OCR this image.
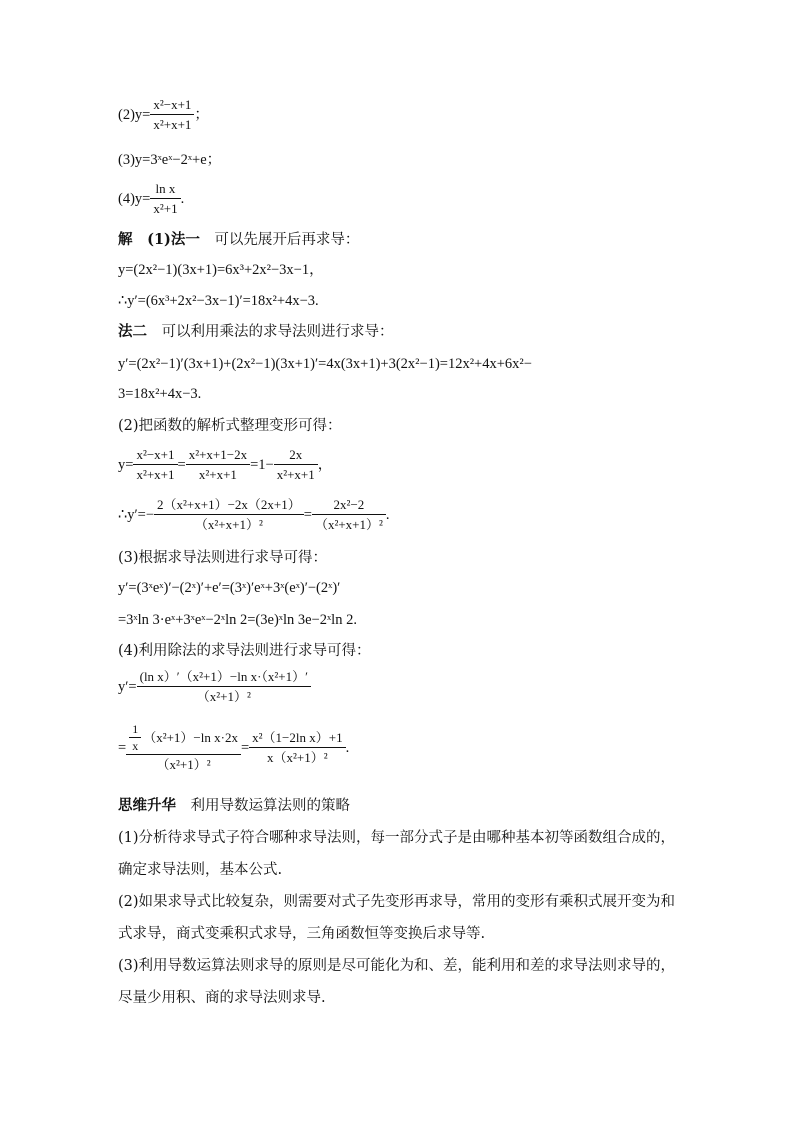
$(2)y= \frac{\text{x²−x+1}}{\text{x²+x+1}}$ ；
(3)y=3ˣeˣ−2ˣ+e；
$(4)y= \frac{\text{ln x}}{\text{x²+1}}$ .
解 (1)法一　可以先展开后再求导：
y=(2x²−1)(3x+1)=6x³+2x²−3x−1，
∴y′=(6x³+2x²−3x−1)′=18x²+4x−3.
法二　可以利用乘法的求导法则进行求导：
y′=(2x²−1)′(3x+1)+(2x²−1)(3x+1)′=4x(3x+1)+3(2x²−1)=12x²+4x+6x²−
3=18x²+4x−3.
(2)把函数的解析式整理变形可得：
$y= \frac{\text{x²−x+1}}{\text{x²+x+1}} = \frac{\text{x²+x+1−2x}}{\text{x²+x+1}} =1- \frac{2x}{\text{x²+x+1}}$ ，
∴y′=− $\frac{\text{2（x²+x+1）−2x（2x+1）}}{\text{（x²+x+1）²}} = \frac{\text{2x²−2}}{\text{（x²+x+1）²}}$ .
(3)根据求导法则进行求导可得：
y′=(3ˣeˣ)′−(2ˣ)′+e′=(3ˣ)′eˣ+3ˣ(eˣ)′−(2ˣ)′
=3ˣln 3·eˣ+3ˣeˣ−2ˣln 2=(3e)ˣln 3e−2ˣln 2.
(4)利用除法的求导法则进行求导可得：
$y'= \frac{\text{(ln x）′（x²+1）−ln x·（x²+1）′}}{\text{（x²+1）²}}$
= $\frac{\frac{1}{x} (x^2+1)-\ln x\cdot 2x}{\text{（x²+1）²}} = \frac{\text{x²（1−2ln x）+1}}{\text{x（x²+1）²}}$ .
思维升华　利用导数运算法则的策略
(1)分析待求导式子符合哪种求导法则，每一部分式子是由哪种基本初等函数组合成的，确定求导法则，基本公式.
(2)如果求导式比较复杂，则需要对式子先变形再求导，常用的变形有乘积式展开变为和式求导，商式变乘积式求导，三角函数恒等变换后求导等.
(3)利用导数运算法则求导的原则是尽可能化为和、差，能利用和差的求导法则求导的，尽量少用积、商的求导法则求导.
